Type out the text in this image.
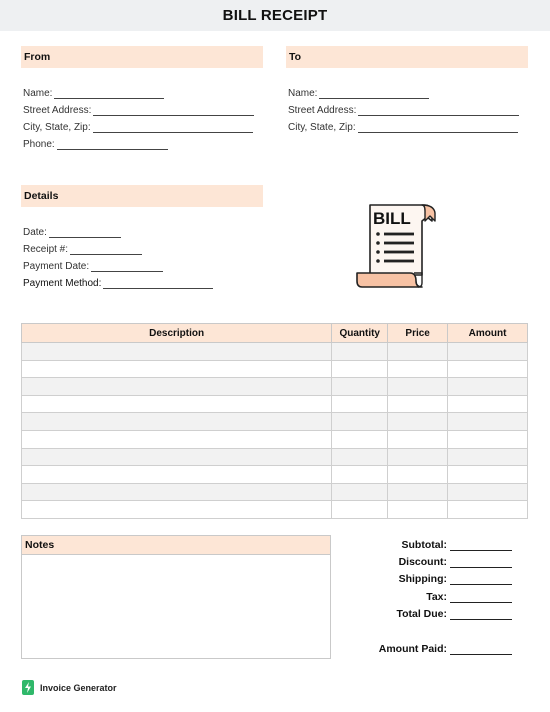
BILL RECEIPT
From
Name:
Street Address:
City, State, Zip:
Phone:
To
Name:
Street Address:
City, State, Zip:
Details
Date:
Receipt #:
Payment Date:
Payment Method:
BILL
Description	Quantity	Price	Amount

Notes	Subtotal:
Discount:
Shipping:
Tax:
Total Due:
Amount Paid:
Invoice Generator
